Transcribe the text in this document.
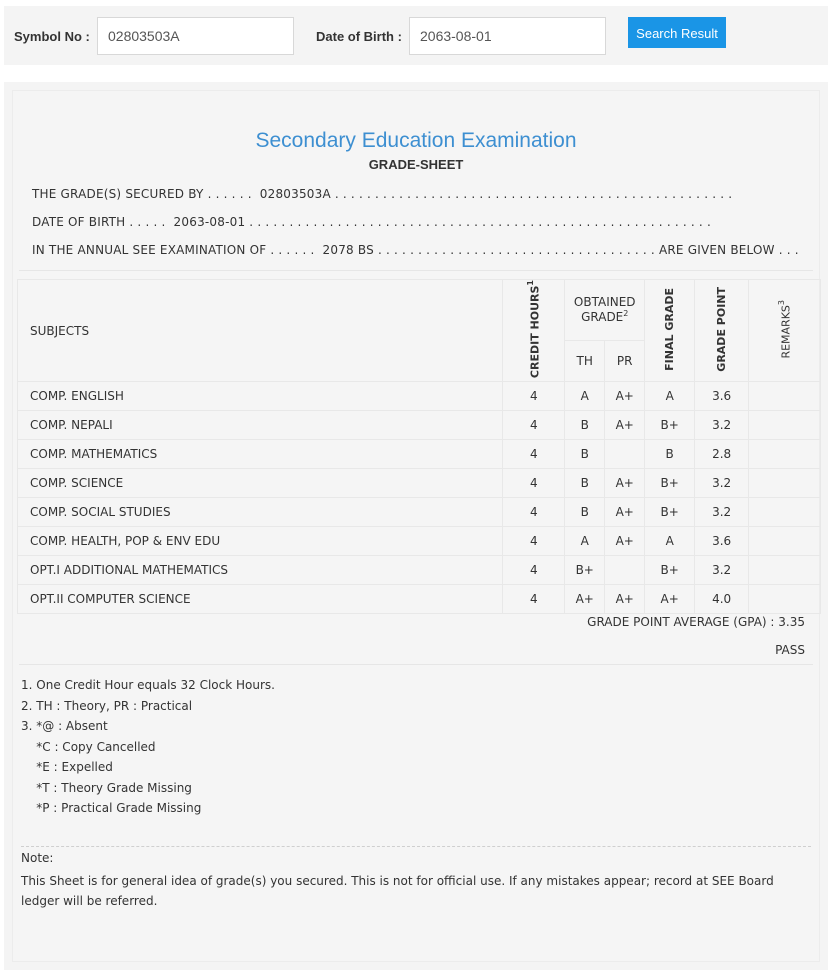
Symbol No :	02803503A	Date of Birth :	2063-08-01	Search Result
Secondary Education Examination
GRADE-SHEET
THE GRADE(S) SECURED BY . . . . . .  02803503A . . . . . . . . . . . . . . . . . . . . . . . . . . . . . . . . . . . . . . . . . . . . . . . . . .
DATE OF BIRTH . . . . .  2063-08-01 . . . . . . . . . . . . . . . . . . . . . . . . . . . . . . . . . . . . . . . . . . . . . . . . . . . . . . . . . .
IN THE ANNUAL SEE EXAMINATION OF . . . . . .  2078 BS . . . . . . . . . . . . . . . . . . . . . . . . . . . . . . . . . . . ARE GIVEN BELOW . . .
SUBJECTS	CREDIT HOURS$^1$	OBTAINED GRADE$^2$		FINAL GRADE	GRADE POINT	REMARKS$^3$
		TH	PR			
COMP. ENGLISH	4	A	A+	A	3.6	
COMP. NEPALI	4	B	A+	B+	3.2	
COMP. MATHEMATICS	4	B		B	2.8	
COMP. SCIENCE	4	B	A+	B+	3.2	
COMP. SOCIAL STUDIES	4	B	A+	B+	3.2	
COMP. HEALTH, POP & ENV EDU	4	A	A+	A	3.6	
OPT.I ADDITIONAL MATHEMATICS	4	B+		B+	3.2	
OPT.II COMPUTER SCIENCE	4	A+	A+	A+	4.0	
GRADE POINT AVERAGE (GPA) : 3.35
PASS
1. One Credit Hour equals 32 Clock Hours.
2. TH : Theory, PR : Practical
3. *@ : Absent
*C : Copy Cancelled
*E : Expelled
*T : Theory Grade Missing
*P : Practical Grade Missing
Note:
This Sheet is for general idea of grade(s) you secured. This is not for official use. If any mistakes appear; record at SEE Board ledger will be referred.
